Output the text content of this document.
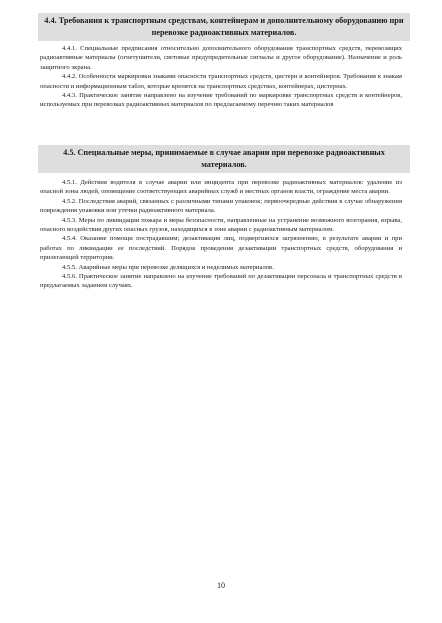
4.4. Требования к транспортным средствам, контейнерам и дополнительному оборудованию при перевозке радиоактивных материалов.

4.4.1. Специальные предписания относительно дополнительного оборудования транспортных средств, перевозящих радиоактивные материалы (огнетушители, световые предупредительные сигналы и другое оборудование). Назначение и роль защитного экрана.

4.4.2. Особенности маркировки знаками опасности транспортных средств, цистерн и контейнеров. Требования к знакам опасности и информационным табло, которые крепятся на транспортных средствах, контейнерах, цистернах.

4.4.3. Практическое занятие направлено на изучение требований по маркировке транспортных средств и контейнеров, используемых при перевозках радиоактивных материалов по предлагаемому перечню таких материалов

4.5. Специальные меры, принимаемые в случае аварии при перевозке радиоактивных материалов.

4.5.1. Действия водителя в случае аварии или инцидента при перевозке радиоактивных материалов: удаление из опасной зоны людей, оповещение соответствующих аварийных служб и местных органов власти, ограждение места аварии.

4.5.2. Последствия аварий, связанных с различными типами упаковок; первоочередные действия в случае обнаружения повреждения упаковки или утечки радиоактивного материала.

4.5.3. Меры по ликвидации пожара и меры безопасности, направленные на устранение возможного возгорания, взрыва, опасного воздействия других опасных грузов, находящихся в зоне аварии с радиоактивным материалом.

4.5.4. Оказание помощи пострадавшим; дезактивация лиц, подвергшихся загрязнению, в результате аварии и при работах по ликвидации ее последствий. Порядок проведения дезактивации транспортных средств, оборудования и прилегающей территории.

4.5.5. Аварийные меры при перевозке делящихся и неделимых материалов.

4.5.6. Практическое занятие направлено на изучение требований по дезактивации персонала и транспортных средств в предлагаемых заданием случаях.

10
